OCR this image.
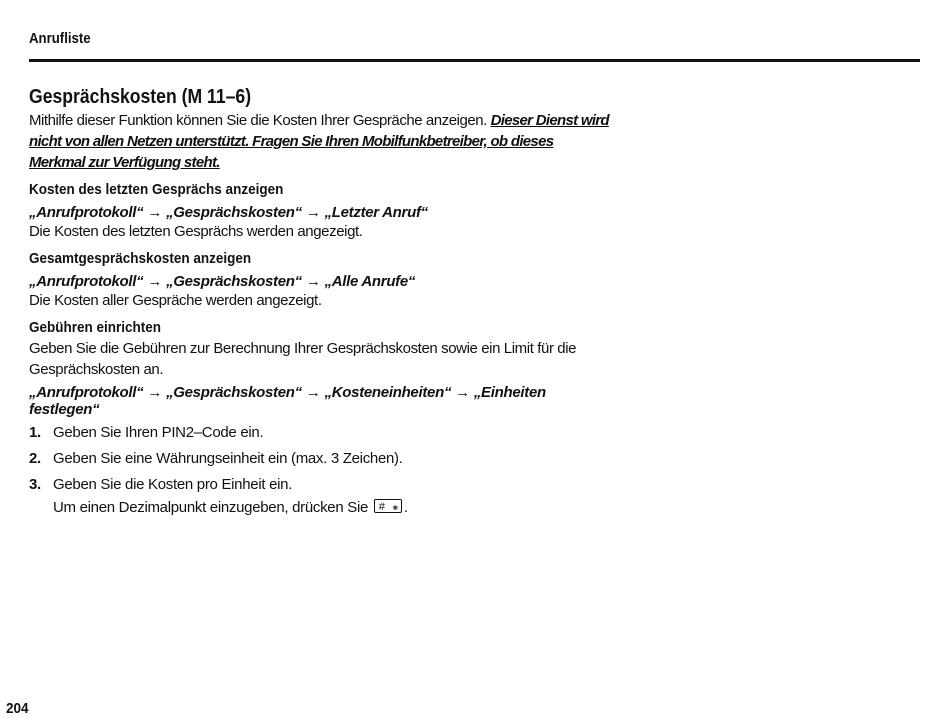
Anrufliste
Gesprächskosten (M 11–6)
Mithilfe dieser Funktion können Sie die Kosten Ihrer Gespräche anzeigen. Dieser Dienst wird nicht von allen Netzen unterstützt. Fragen Sie Ihren Mobilfunkbetreiber, ob dieses Merkmal zur Verfügung steht.
Kosten des letzten Gesprächs anzeigen
„Anrufprotokoll“ → „Gesprächskosten“ → „Letzter Anruf“
Die Kosten des letzten Gesprächs werden angezeigt.
Gesamtgesprächskosten anzeigen
„Anrufprotokoll“ → „Gesprächskosten“ → „Alle Anrufe“
Die Kosten aller Gespräche werden angezeigt.
Gebühren einrichten
Geben Sie die Gebühren zur Berechnung Ihrer Gesprächskosten sowie ein Limit für die Gesprächskosten an.
„Anrufprotokoll“ → „Gesprächskosten“ → „Kosteneinheiten“ → „Einheiten festlegen“
1. Geben Sie Ihren PIN2–Code ein.
2. Geben Sie eine Währungseinheit ein (max. 3 Zeichen).
3. Geben Sie die Kosten pro Einheit ein.
Um einen Dezimalpunkt einzugeben, drücken Sie # ❀ .
204
